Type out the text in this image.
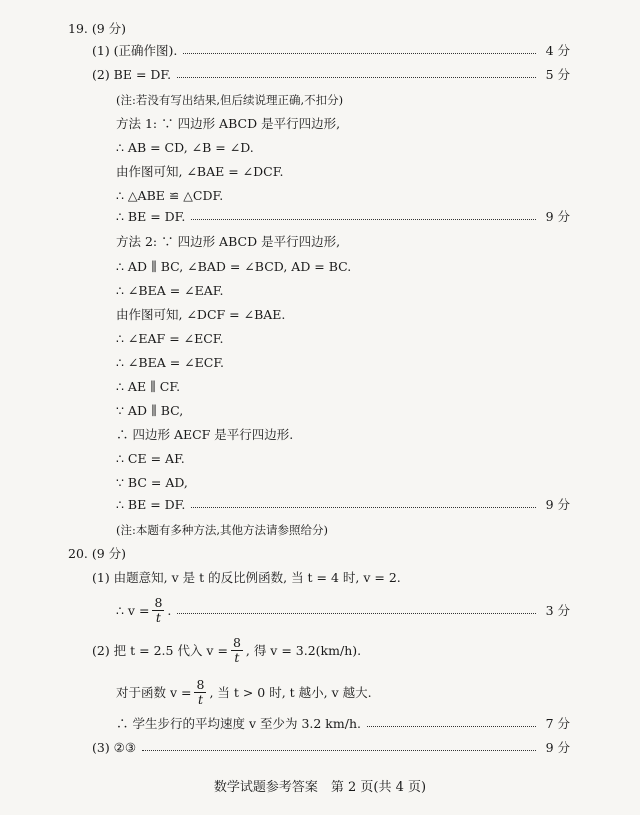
19. (9 分)
(1) (正确作图).	4 分
(2) BE = DF.	5 分
(注:若没有写出结果,但后续说理正确,不扣分)
方法 1: ∵ 四边形 ABCD 是平行四边形,
∴ AB = CD, ∠B = ∠D.
由作图可知, ∠BAE = ∠DCF.
∴ △ABE ≌ △CDF.
∴ BE = DF.	9 分
方法 2: ∵ 四边形 ABCD 是平行四边形,
∴ AD ∥ BC, ∠BAD = ∠BCD, AD = BC.
∴ ∠BEA = ∠EAF.
由作图可知, ∠DCF = ∠BAE.
∴ ∠EAF = ∠ECF.
∴ ∠BEA = ∠ECF.
∴ AE ∥ CF.
∵ AD ∥ BC,
∴ 四边形 AECF 是平行四边形.
∴ CE = AF.
∵ BC = AD,
∴ BE = DF.	9 分
(注:本题有多种方法,其他方法请参照给分)
20. (9 分)
(1) 由题意知, v 是 t 的反比例函数, 当 t = 4 时, v = 2.
∴ $v = \frac{8}{t}$ .	3 分
(2) 把 t = 2.5 代入 $v = \frac{8}{t}$ , 得 v = 3.2(km/h).
对于函数 $v = \frac{8}{t}$ , 当 t > 0 时, t 越小, v 越大.
∴ 学生步行的平均速度 v 至少为 3.2 km/h.	7 分
(3) ②③	9 分
数学试题参考答案　第 2 页(共 4 页)
